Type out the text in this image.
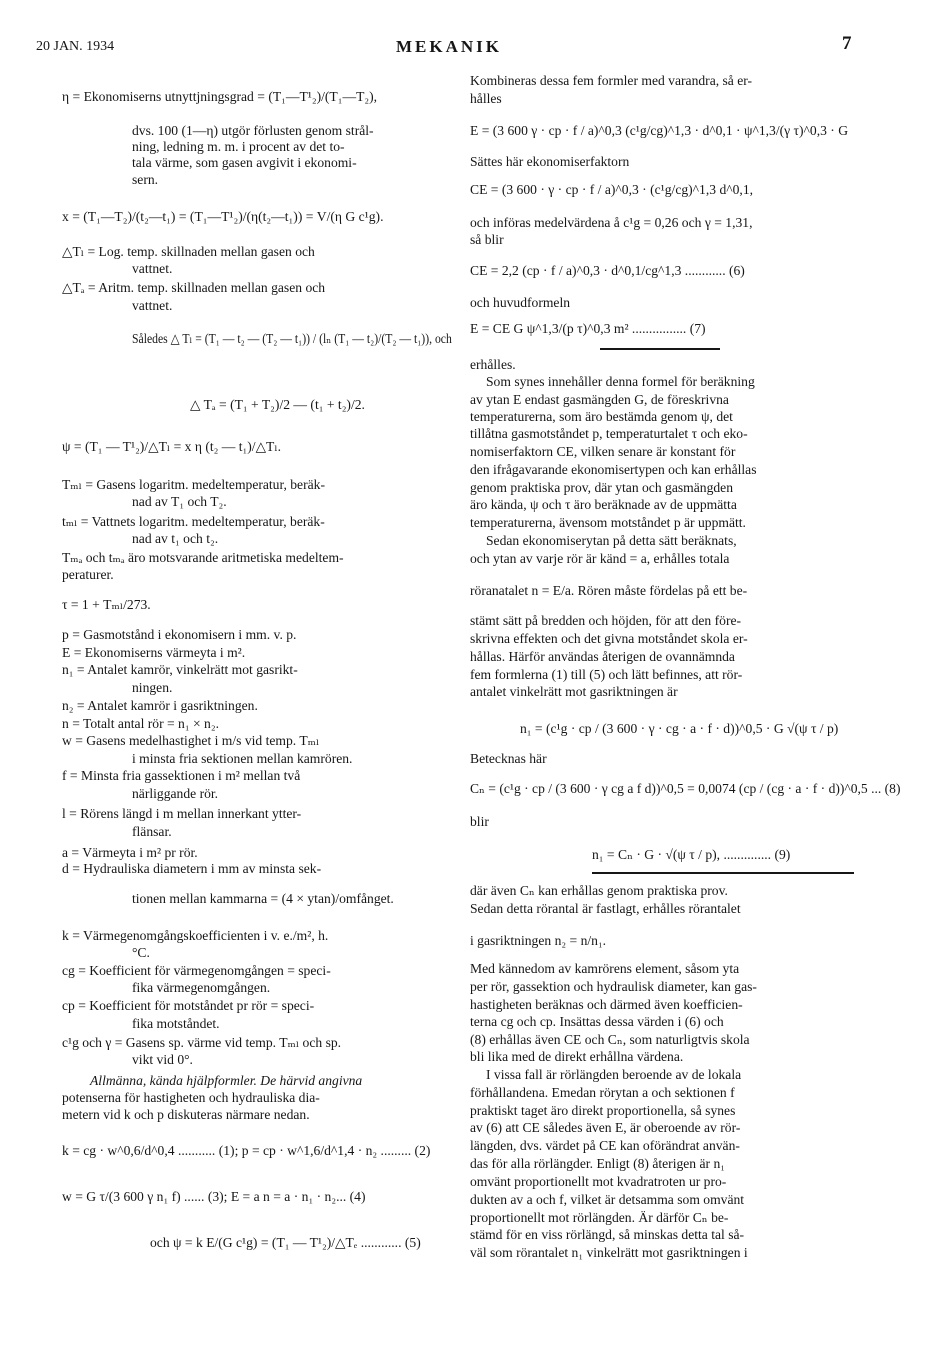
20 JAN. 1934	MEKANIK	7
η = Ekonomiserns utnyttjningsgrad = (T₁—T¹₂)/(T₁—T₂),
dvs. 100 (1—η) utgör förlusten genom strål-
ning, ledning m. m. i procent av det to-
tala värme, som gasen avgivit i ekonomi-
sern.
x = (T₁—T₂)/(t₂—t₁) = (T₁—T¹₂)/(η(t₂—t₁)) = V/(η G c¹g).
△Tₗ = Log. temp. skillnaden mellan gasen och
vattnet.
△Tₐ = Aritm. temp. skillnaden mellan gasen och
vattnet.
Således △ Tₗ = (T₁ — t₂ — (T₂ — t₁)) / (lₙ (T₁ — t₂)/(T₂ — t₁)), och
△ Tₐ = (T₁ + T₂)/2 — (t₁ + t₂)/2.
ψ = (T₁ — T¹₂)/△Tₗ = x η (t₂ — t₁)/△Tₗ.
Tₘₗ = Gasens logaritm. medeltemperatur, beräk-
nad av T₁ och T₂.
tₘₗ = Vattnets logaritm. medeltemperatur, beräk-
nad av t₁ och t₂.
Tₘₐ och tₘₐ äro motsvarande aritmetiska medeltem-
peraturer.
τ = 1 + Tₘₗ/273.
p = Gasmotstånd i ekonomisern i mm. v. p.
E = Ekonomiserns värmeyta i m².
n₁ = Antalet kamrör, vinkelrätt mot gasrikt-
ningen.
n₂ = Antalet kamrör i gasriktningen.
n = Totalt antal rör = n₁ × n₂.
w = Gasens medelhastighet i m/s vid temp. Tₘₗ
i minsta fria sektionen mellan kamrören.
f = Minsta fria gassektionen i m² mellan två
närliggande rör.
l = Rörens längd i m mellan innerkant ytter-
flänsar.
a = Värmeyta i m² pr rör.
d = Hydrauliska diametern i mm av minsta sek-
tionen mellan kammarna = (4 × ytan)/omfånget.
k = Värmegenomgångskoefficienten i v. e./m², h.
°C.
cg = Koefficient för värmegenomgången = speci-
fika värmegenomgången.
cp = Koefficient för motståndet pr rör = speci-
fika motståndet.
c¹g och γ = Gasens sp. värme vid temp. Tₘₗ och sp.
vikt vid 0°.
Allmänna, kända hjälpformler. De härvid angivna
potenserna för hastigheten och hydrauliska dia-
metern vid k och p diskuteras närmare nedan.
k = cg · w^0,6/d^0,4 ........... (1); p = cp · w^1,6/d^1,4 · n₂ ......... (2)
w = G τ/(3 600 γ n₁ f) ...... (3); E = a n = a · n₁ · n₂... (4)
och ψ = k E/(G c¹g) = (T₁ — T¹₂)/△Tₑ ............ (5)
Kombineras dessa fem formler med varandra, så er-
hålles
E = (3 600 γ · cp · f / a)^0,3 (c¹g/cg)^1,3 · d^0,1 · ψ^1,3/(γ τ)^0,3 · G
Sättes här ekonomiserfaktorn
CE = (3 600 · γ · cp · f / a)^0,3 · (c¹g/cg)^1,3 d^0,1,
och införas medelvärdena å c¹g = 0,26 och γ = 1,31,
så blir
CE = 2,2 (cp · f / a)^0,3 · d^0,1/cg^1,3 ............ (6)
och huvudformeln
E = CE G ψ^1,3/(p τ)^0,3 m² ................ (7)
erhålles.
Som synes innehåller denna formel för beräkning
av ytan E endast gasmängden G, de föreskrivna
temperaturerna, som äro bestämda genom ψ, det
tillåtna gasmotståndet p, temperaturtalet τ och eko-
nomiserfaktorn CE, vilken senare är konstant för
den ifrågavarande ekonomisertypen och kan erhållas
genom praktiska prov, där ytan och gasmängden
äro kända, ψ och τ äro beräknade av de uppmätta
temperaturerna, ävensom motståndet p är uppmätt.
Sedan ekonomiserytan på detta sätt beräknats,
och ytan av varje rör är känd = a, erhålles totala
röranatalet n = E/a. Rören måste fördelas på ett be-
stämt sätt på bredden och höjden, för att den före-
skrivna effekten och det givna motståndet skola er-
hållas. Härför användas återigen de ovannämnda
fem formlerna (1) till (5) och lätt befinnes, att rör-
antalet vinkelrätt mot gasriktningen är
n₁ = (c¹g · cp / (3 600 · γ · cg · a · f · d))^0,5 · G √(ψ τ / p)
Betecknas här
Cₙ = (c¹g · cp / (3 600 · γ cg a f d))^0,5 = 0,0074 (cp / (cg · a · f · d))^0,5 ... (8)
blir
n₁ = Cₙ · G · √(ψ τ / p), .............. (9)
där även Cₙ kan erhållas genom praktiska prov.
Sedan detta rörantal är fastlagt, erhålles rörantalet
i gasriktningen n₂ = n/n₁.
Med kännedom av kamrörens element, såsom yta
per rör, gassektion och hydraulisk diameter, kan gas-
hastigheten beräknas och därmed även koefficien-
terna cg och cp. Insättas dessa värden i (6) och
(8) erhållas även CE och Cₙ, som naturligtvis skola
bli lika med de direkt erhållna värdena.
I vissa fall är rörlängden beroende av de lokala
förhållandena. Emedan rörytan a och sektionen f
praktiskt taget äro direkt proportionella, så synes
av (6) att CE således även E, är oberoende av rör-
längden, dvs. värdet på CE kan oförändrat använ-
das för alla rörlängder. Enligt (8) återigen är n₁
omvänt proportionellt mot kvadratroten ur pro-
dukten av a och f, vilket är detsamma som omvänt
proportionellt mot rörlängden. Är därför Cₙ be-
stämd för en viss rörlängd, så minskas detta tal så-
väl som rörantalet n₁ vinkelrätt mot gasriktningen i
